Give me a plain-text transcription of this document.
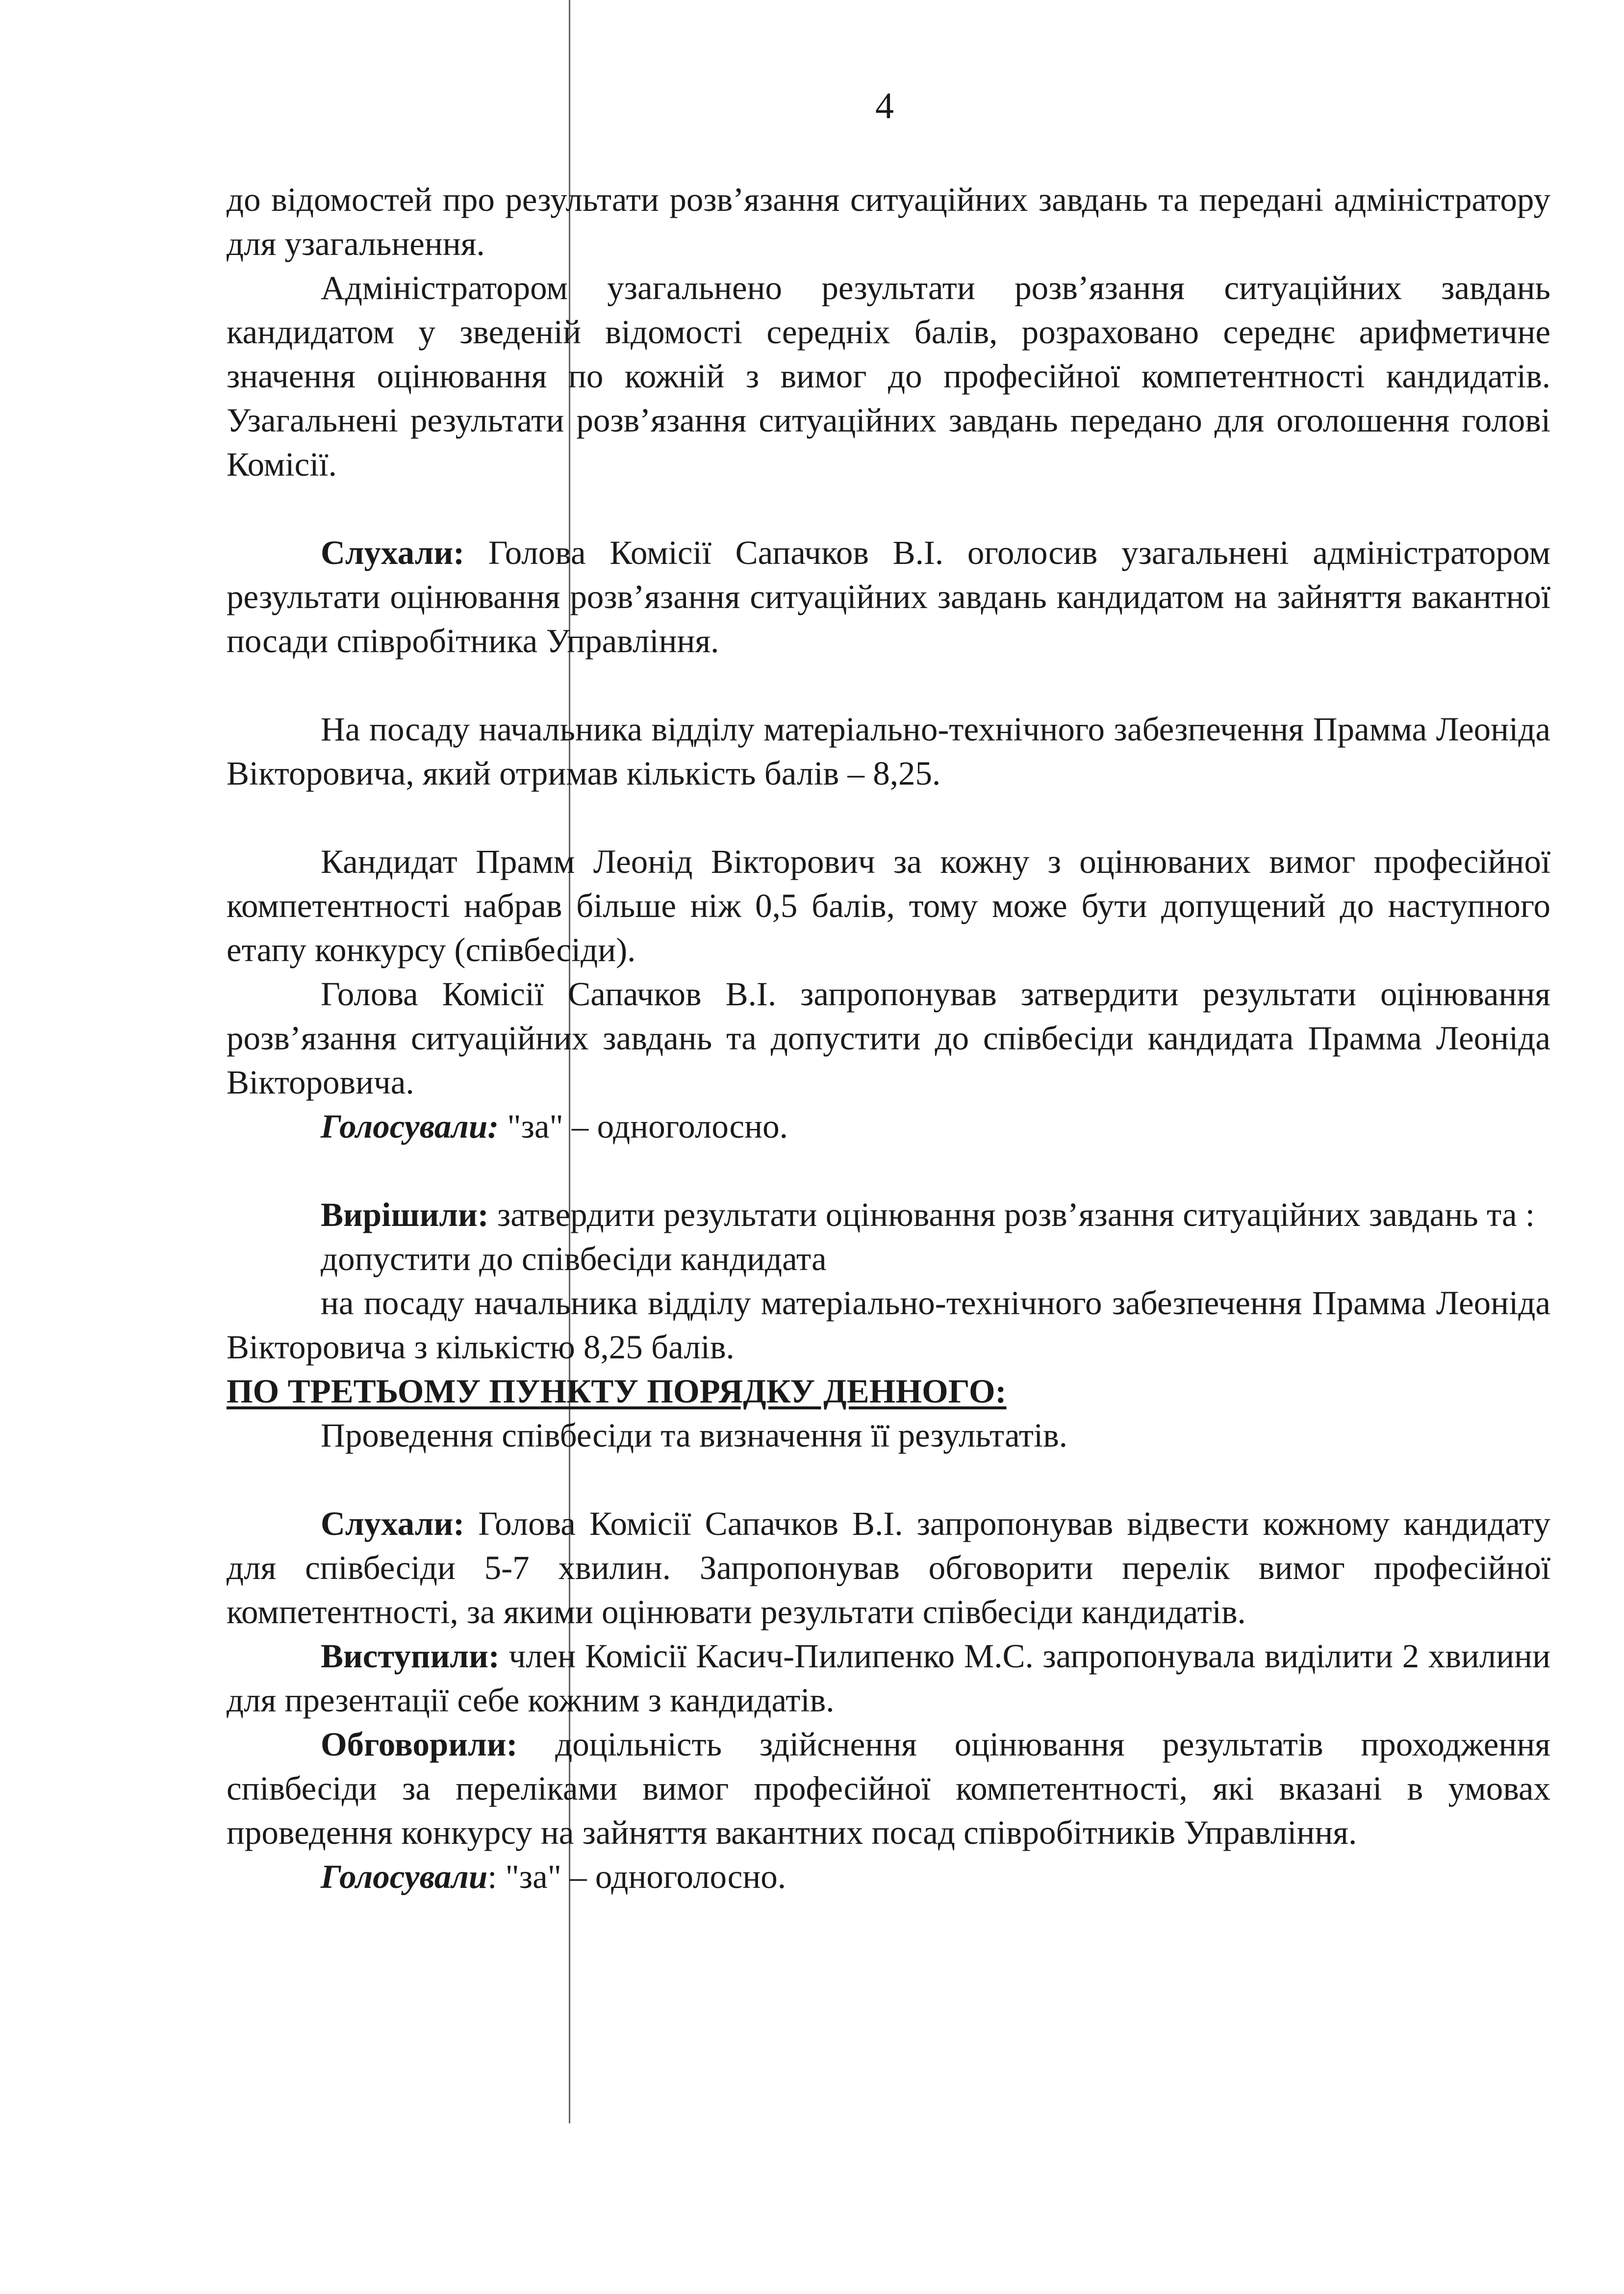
4

до відомостей про результати розв’язання ситуаційних завдань та передані адміністратору для узагальнення.

Адміністратором узагальнено результати розв’язання ситуаційних завдань кандидатом у зведеній відомості середніх балів, розраховано середнє арифметичне значення оцінювання по кожній з вимог до професійної компетентності кандидатів. Узагальнені результати розв’язання ситуаційних завдань передано для оголошення голові Комісії.

Слухали: Голова Комісії Сапачков В.І. оголосив узагальнені адміністратором результати оцінювання розв’язання ситуаційних завдань кандидатом на зайняття вакантної посади співробітника Управління.

На посаду начальника відділу матеріально-технічного забезпечення Прамма Леоніда Вікторовича, який отримав кількість балів – 8,25.

Кандидат Прамм Леонід Вікторович за кожну з оцінюваних вимог професійної компетентності набрав більше ніж 0,5 балів, тому може бути допущений до наступного етапу конкурсу (співбесіди).

Голова Комісії Сапачков В.І. запропонував затвердити результати оцінювання розв’язання ситуаційних завдань та допустити до співбесіди кандидата Прамма Леоніда Вікторовича.

Голосували: "за" – одноголосно.

Вирішили: затвердити результати оцінювання розв’язання ситуаційних завдань та :

допустити до співбесіди кандидата

на посаду начальника відділу матеріально-технічного забезпечення Прамма Леоніда Вікторовича з кількістю 8,25 балів.

ПО ТРЕТЬОМУ ПУНКТУ ПОРЯДКУ ДЕННОГО:

Проведення співбесіди та визначення її результатів.

Слухали: Голова Комісії Сапачков В.І. запропонував відвести кожному кандидату для співбесіди 5-7 хвилин. Запропонував обговорити перелік вимог професійної компетентності, за якими оцінювати результати співбесіди кандидатів.

Виступили: член Комісії Касич-Пилипенко М.С. запропонувала виділити 2 хвилини для презентації себе кожним з кандидатів.

Обговорили: доцільність здійснення оцінювання результатів проходження співбесіди за переліками вимог професійної компетентності, які вказані в умовах проведення конкурсу на зайняття вакантних посад співробітників Управління.

Голосували: "за" – одноголосно.
